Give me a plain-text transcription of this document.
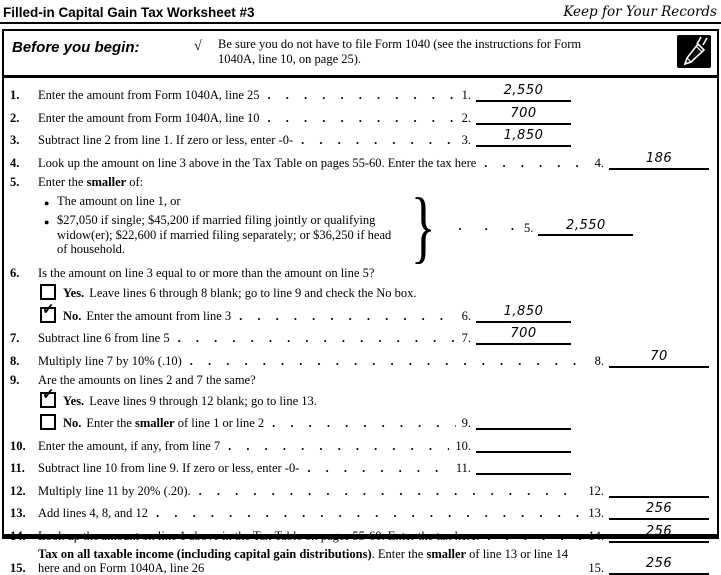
Filled-in Capital Gain Tax Worksheet #3	Keep for Your Records
Before you begin:	√	Be sure you do not have to file Form 1040 (see the instructions for Form 1040A, line 10, on page 25).
1.	Enter the amount from Form 1040A, line 25 . .	1.	2,550
2.	Enter the amount from Form 1040A, line 10 . .	2.	700
3.	Subtract line 2 from line 1. If zero or less, enter -0- . .	3.	1,850
4.	Look up the amount on line 3 above in the Tax Table on pages 55-60. Enter the tax here . .	4.	186
5.	Enter the smaller of:
● The amount on line 1, or
● $27,050 if single; $45,200 if married filing jointly or qualifying widow(er); $22,600 if married filing separately; or $36,250 if head of household.	} . . . 5.	2,550
6.	Is the amount on line 3 equal to or more than the amount on line 5?
Yes. Leave lines 6 through 8 blank; go to line 9 and check the No box.
✓ No. Enter the amount from line 3 . .	6.	1,850
7.	Subtract line 6 from line 5 . .	7.	700
8.	Multiply line 7 by 10% (.10) . .	8.	70
9.	Are the amounts on lines 2 and 7 the same?
✓ Yes. Leave lines 9 through 12 blank; go to line 13.
No. Enter the smaller of line 1 or line 2 . .	9.
10. Enter the amount, if any, from line 7 . .	10.
11.	Subtract line 10 from line 9. If zero or less, enter -0- . .	11.
12. Multiply line 11 by 20% (.20). . .	12.
13. Add lines 4, 8, and 12 . .	13.	256
14. Look up the amount on line 1 above in the Tax Table on pages 55-60. Enter the tax here. . .	14.	256
15.
Tax on all taxable income (including capital gain distributions). Enter the smaller of line 13 or line 14 here and on Form 1040A, line 26	15.	256
